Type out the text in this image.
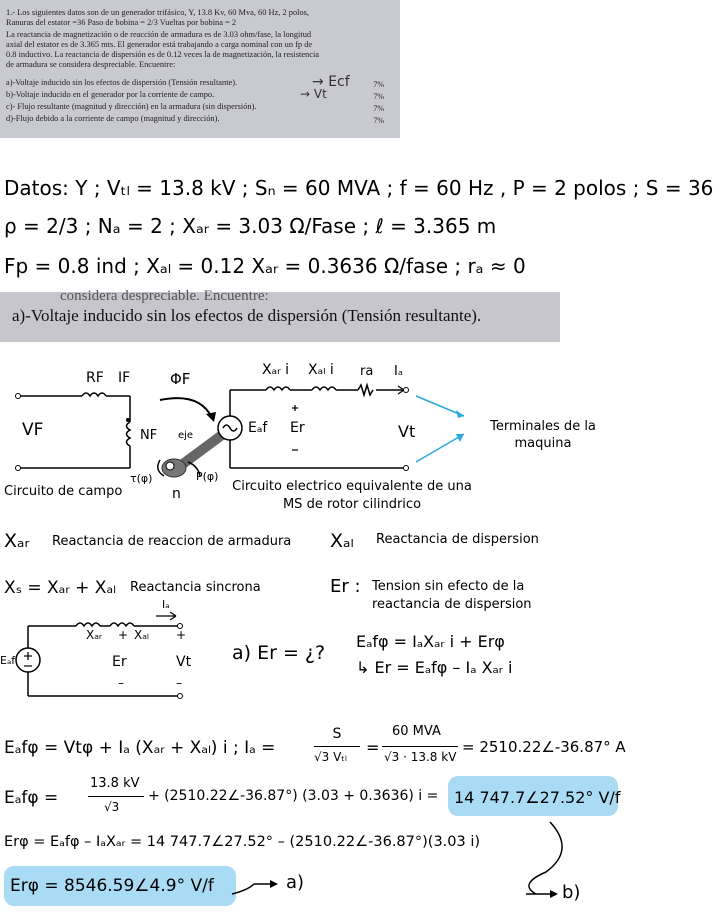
1.- Los siguientes datos son de un generador trifásico, Y, 13.8 Kv, 60 Mva, 60 Hz, 2 polos,
Ranuras del estator =36 Paso de bobina = 2/3 Vueltas por bobina = 2
La reactancia de magnetización o de reacción de armadura es de 3.03 ohm/fase, la longitud
axial del estator es de 3.365 mts. El generador está trabajando a carga nominal con un fp de
0.8 inductivo. La reactancia de dispersión es de 0.12 veces la de magnetización, la resistencia
de armadura se considera despreciable. Encuentre:
a)-Voltaje inducido sin los efectos de dispersión (Tensión resultante).
b)-Voltaje inducido en el generador por la corriente de campo.
c)- Flujo resultante (magnitud y dirección) en la armadura (sin dispersión).
d)-Flujo debido a la corriente de campo (magnitud y dirección).
7%
7%
7%
7%
→ Ecf
→ Vt
Datos: Y ; Vₜₗ = 13.8 kV ; Sₙ = 60 MVA ; f = 60 Hz , P = 2 polos ; S = 36
ρ = 2/3 ; Nₐ = 2 ; Xₐᵣ = 3.03 Ω/Fase ; ℓ = 3.365 m
Fp = 0.8 ind ; Xₐₗ = 0.12 Xₐᵣ = 0.3636 Ω/fase ; rₐ ≈ 0
considera despreciable. Encuentre:
a)-Voltaje inducido sin los efectos de dispersión (Tensión resultante).
RF IF	ΦF
VF	NF eje
τ(φ)	P(φ)
n
Circuito de campo
Xₐᵣ i Xₐₗ i ra Iₐ
Eₐf Er	Vt	Terminales de la maquina
Circuito electrico equivalente de una MS de rotor cilindrico
Xₐᵣ Reactancia de reaccion de armadura Xₐₗ Reactancia de dispersion
Xₛ = Xₐᵣ + Xₐₗ Reactancia sincrona	Er : Tension sin efecto de la reactancia de dispersion
Iₐ
Xₐᵣ + Xₐₗ +
Eₐf	Er	Vt
–	–
a) Er = ¿?
Eₐfφ = IₐXₐᵣ i + Erφ
↳ Er = Eₐfφ – Iₐ Xₐᵣ i
Eₐfφ = Vtφ + Iₐ (Xₐᵣ + Xₐₗ) i ; Iₐ =
S
√3 Vₜₗ =
60 MVA
√3 · 13.8 kV
= 2510.22∠-36.87° A
Eₐfφ =
13.8 kV
√3
+ (2510.22∠-36.87°) (3.03 + 0.3636) i = 14 747.7∠27.52° V/f
Erφ = Eₐfφ – IₐXₐᵣ = 14 747.7∠27.52° – (2510.22∠-36.87°)(3.03 i)
Erφ = 8546.59∠4.9° V/f	a)	b)
